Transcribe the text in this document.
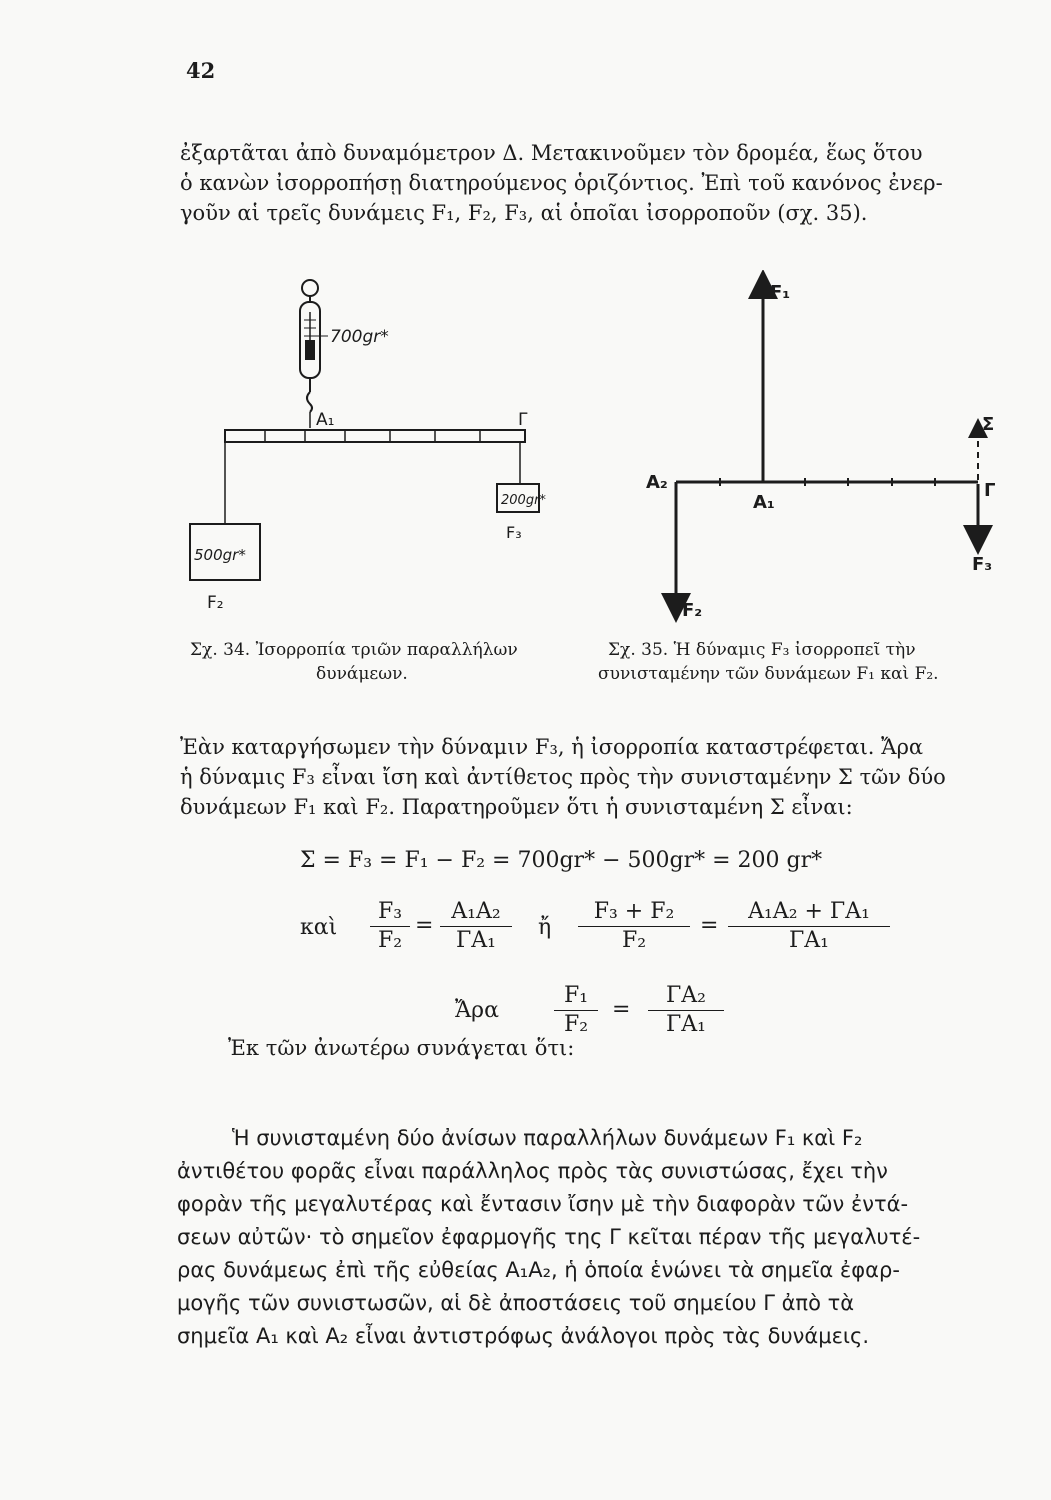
42
ἐξαρτᾶται ἀπὸ δυναμόμετρον Δ. Μετακινοῦμεν τὸν δρομέα, ἕως ὅτου
ὁ κανὼν ἰσορροπήσῃ διατηρούμενος ὁριζόντιος. Ἐπὶ τοῦ κανόνος ἐνερ-
γοῦν αἱ τρεῖς δυνάμεις F₁, F₂, F₃, αἱ ὁποῖαι ἰσορροποῦν (σχ. 35).
700gr*
A₁	Γ
200gr*
F₃
500gr*
F₂
F₁
A₂
A₁
F₂
Σ
Γ
F₃
Σχ. 34. Ἰσορροπία τριῶν παραλλήλων
δυνάμεων.
Σχ. 35. Ἡ δύναμις F₃ ἰσορροπεῖ τὴν
συνισταμένην τῶν δυνάμεων F₁ καὶ F₂.
Ἐὰν καταργήσωμεν τὴν δύναμιν F₃, ἡ ἰσορροπία καταστρέφεται. Ἄρα
ἡ δύναμις F₃ εἶναι ἴση καὶ ἀντίθετος πρὸς τὴν συνισταμένην Σ τῶν δύο
δυνάμεων F₁ καὶ F₂. Παρατηροῦμεν ὅτι ἡ συνισταμένη Σ εἶναι:
Σ = F₃ = F₁ − F₂ = 700gr* − 500gr* = 200 gr*
καὶ $\frac{\text{F₃}}{\text{F₂}} = \frac{\text{A₁A₂}}{\text{ΓA₁}}$ ἤ $\frac{\text{F₃ + F₂}}{\text{F₂}} = \frac{\text{A₁A₂ + ΓA₁}}{\text{ΓA₁}}$
Ἄρα	$\frac{\text{F₁}}{\text{F₂}} = \frac{\text{ΓA₂}}{\text{ΓA₁}}$
Ἐκ τῶν ἀνωτέρω συνάγεται ὅτι:
Ἡ συνισταμένη δύο ἀνίσων παραλλήλων δυνάμεων F₁ καὶ F₂
ἀντιθέτου φορᾶς εἶναι παράλληλος πρὸς τὰς συνιστώσας, ἔχει τὴν
φορὰν τῆς μεγαλυτέρας καὶ ἔντασιν ἴσην μὲ τὴν διαφορὰν τῶν ἐντά-
σεων αὐτῶν· τὸ σημεῖον ἐφαρμογῆς της Γ κεῖται πέραν τῆς μεγαλυτέ-
ρας δυνάμεως ἐπὶ τῆς εὐθείας A₁A₂, ἡ ὁποία ἑνώνει τὰ σημεῖα ἐφαρ-
μογῆς τῶν συνιστωσῶν, αἱ δὲ ἀποστάσεις τοῦ σημείου Γ ἀπὸ τὰ
σημεῖα A₁ καὶ A₂ εἶναι ἀντιστρόφως ἀνάλογοι πρὸς τὰς δυνάμεις.
